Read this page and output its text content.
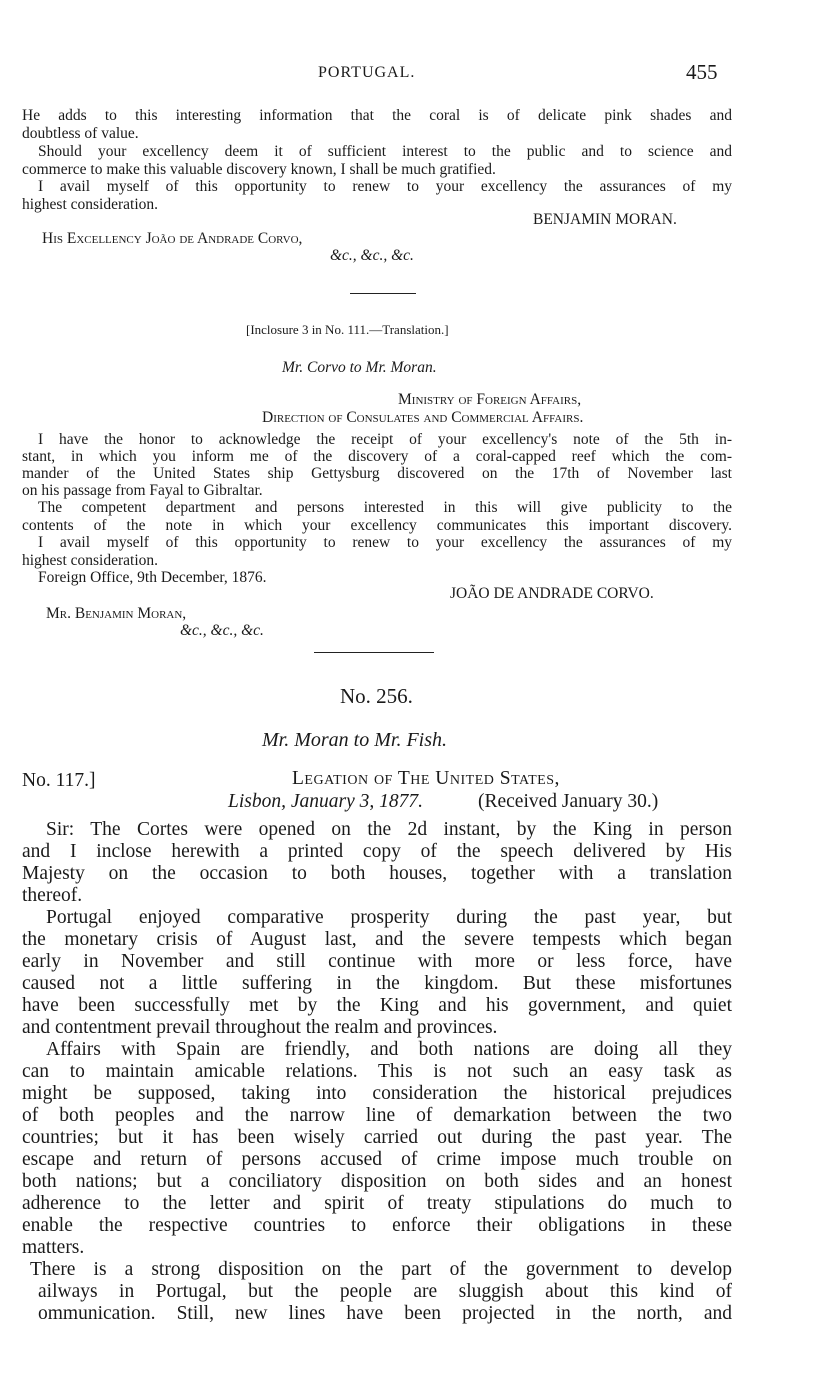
PORTUGAL.	455
He adds to this interesting information that the coral is of delicate pink shades and
doubtless of value.
Should your excellency deem it of sufficient interest to the public and to science and
commerce to make this valuable discovery known, I shall be much gratified.
I avail myself of this opportunity to renew to your excellency the assurances of my
highest consideration.
BENJAMIN MORAN.
His Excellency João de Andrade Corvo,
&c., &c., &c.
[Inclosure 3 in No. 111.—Translation.]
Mr. Corvo to Mr. Moran.
Ministry of Foreign Affairs,
Direction of Consulates and Commercial Affairs.
I have the honor to acknowledge the receipt of your excellency's note of the 5th in-
stant, in which you inform me of the discovery of a coral-capped reef which the com-
mander of the United States ship Gettysburg discovered on the 17th of November last
on his passage from Fayal to Gibraltar.
The competent department and persons interested in this will give publicity to the
contents of the note in which your excellency communicates this important discovery.
I avail myself of this opportunity to renew to your excellency the assurances of my
highest consideration.
Foreign Office, 9th December, 1876.
JOÃO DE ANDRADE CORVO.
Mr. Benjamin Moran,
&c., &c., &c.
No. 256.
Mr. Moran to Mr. Fish.
No. 117.]	Legation of The United States,
Lisbon, January 3, 1877.	(Received January 30.)
Sir: The Cortes were opened on the 2d instant, by the King in person
and I inclose herewith a printed copy of the speech delivered by His
Majesty on the occasion to both houses, together with a translation
thereof.
Portugal enjoyed comparative prosperity during the past year, but
the monetary crisis of August last, and the severe tempests which began
early in November and still continue with more or less force, have
caused not a little suffering in the kingdom. But these misfortunes
have been successfully met by the King and his government, and quiet
and contentment prevail throughout the realm and provinces.
Affairs with Spain are friendly, and both nations are doing all they
can to maintain amicable relations. This is not such an easy task as
might be supposed, taking into consideration the historical prejudices
of both peoples and the narrow line of demarkation between the two
countries; but it has been wisely carried out during the past year. The
escape and return of persons accused of crime impose much trouble on
both nations; but a conciliatory disposition on both sides and an honest
adherence to the letter and spirit of treaty stipulations do much to
enable the respective countries to enforce their obligations in these
matters.
There is a strong disposition on the part of the government to develop
ailways in Portugal, but the people are sluggish about this kind of
ommunication. Still, new lines have been projected in the north, and
